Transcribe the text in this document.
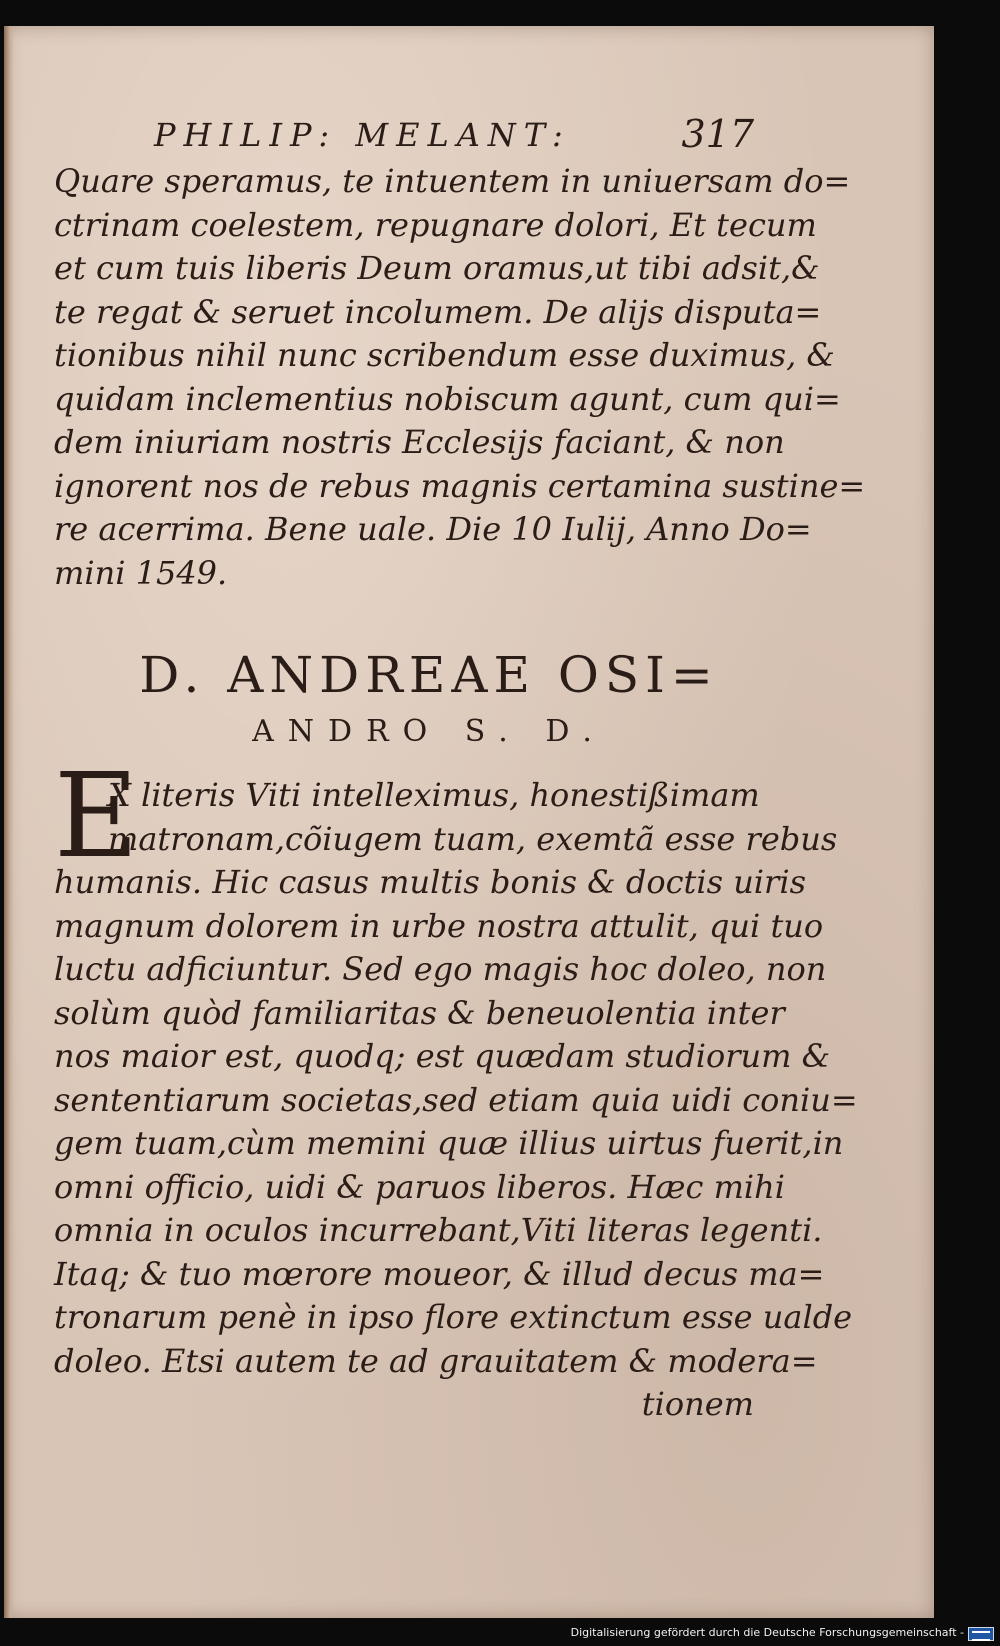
PHILIP: MELANT:	317
Quare speramus, te intuentem in uniuersam do=
ctrinam coelestem, repugnare dolori, Et tecum
et cum tuis liberis Deum oramus,ut tibi adsit,&
te regat & seruet incolumem. De alijs disputa=
tionibus nihil nunc scribendum esse duximus, &
quidam inclementius nobiscum agunt, cum qui=
dem iniuriam nostris Ecclesijs faciant, & non
ignorent nos de rebus magnis certamina sustine=
re acerrima. Bene uale. Die 10 Iulij, Anno Do=
mini 1549.
D. ANDREAE OSI=
ANDRO S. D.
E
X literis Viti intelleximus, honestißimam
matronam,cõiugem tuam, exemtã esse rebus
humanis. Hic casus multis bonis & doctis uiris
magnum dolorem in urbe nostra attulit, qui tuo
luctu adficiuntur. Sed ego magis hoc doleo, non
solùm quòd familiaritas & beneuolentia inter
nos maior est, quodq; est quædam studiorum &
sententiarum societas,sed etiam quia uidi coniu=
gem tuam,cùm memini quæ illius uirtus fuerit,in
omni officio, uidi & paruos liberos. Hæc mihi
omnia in oculos incurrebant,Viti literas legenti.
Itaq; & tuo mœrore moueor, & illud decus ma=
tronarum penè in ipso flore extinctum esse ualde
doleo. Etsi autem te ad grauitatem & modera=
tionem
Digitalisierung gefördert durch die Deutsche Forschungsgemeinschaft -
